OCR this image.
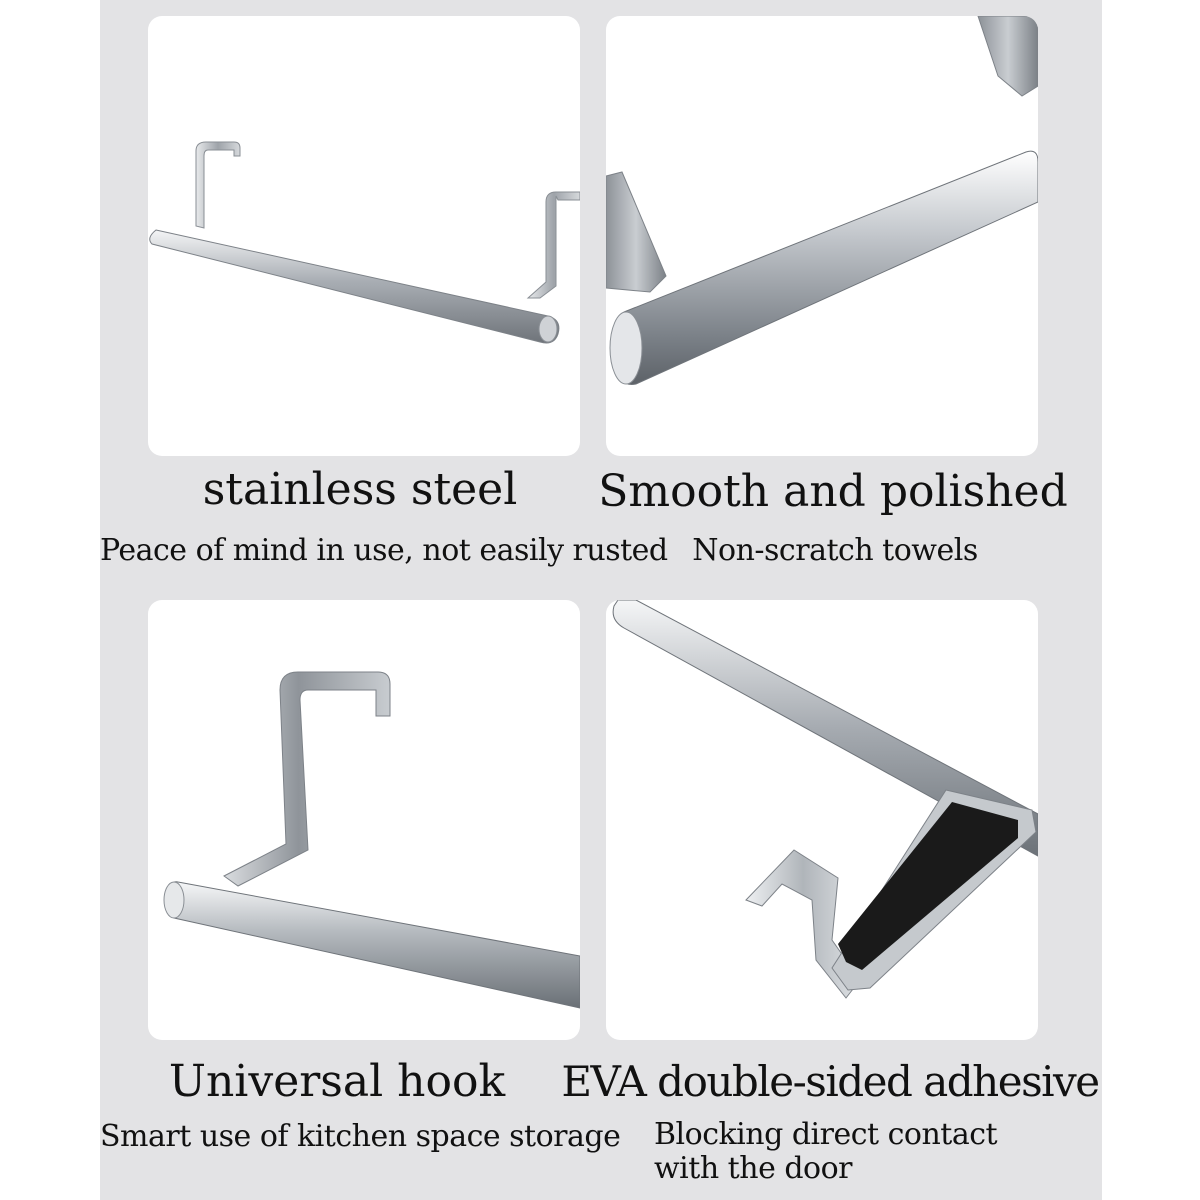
stainless steel
Peace of mind in use, not easily rusted
Smooth and polished
Non-scratch towels
Universal hook
Smart use of kitchen space storage
EVA double-sided adhesive
Blocking direct contact with the door
